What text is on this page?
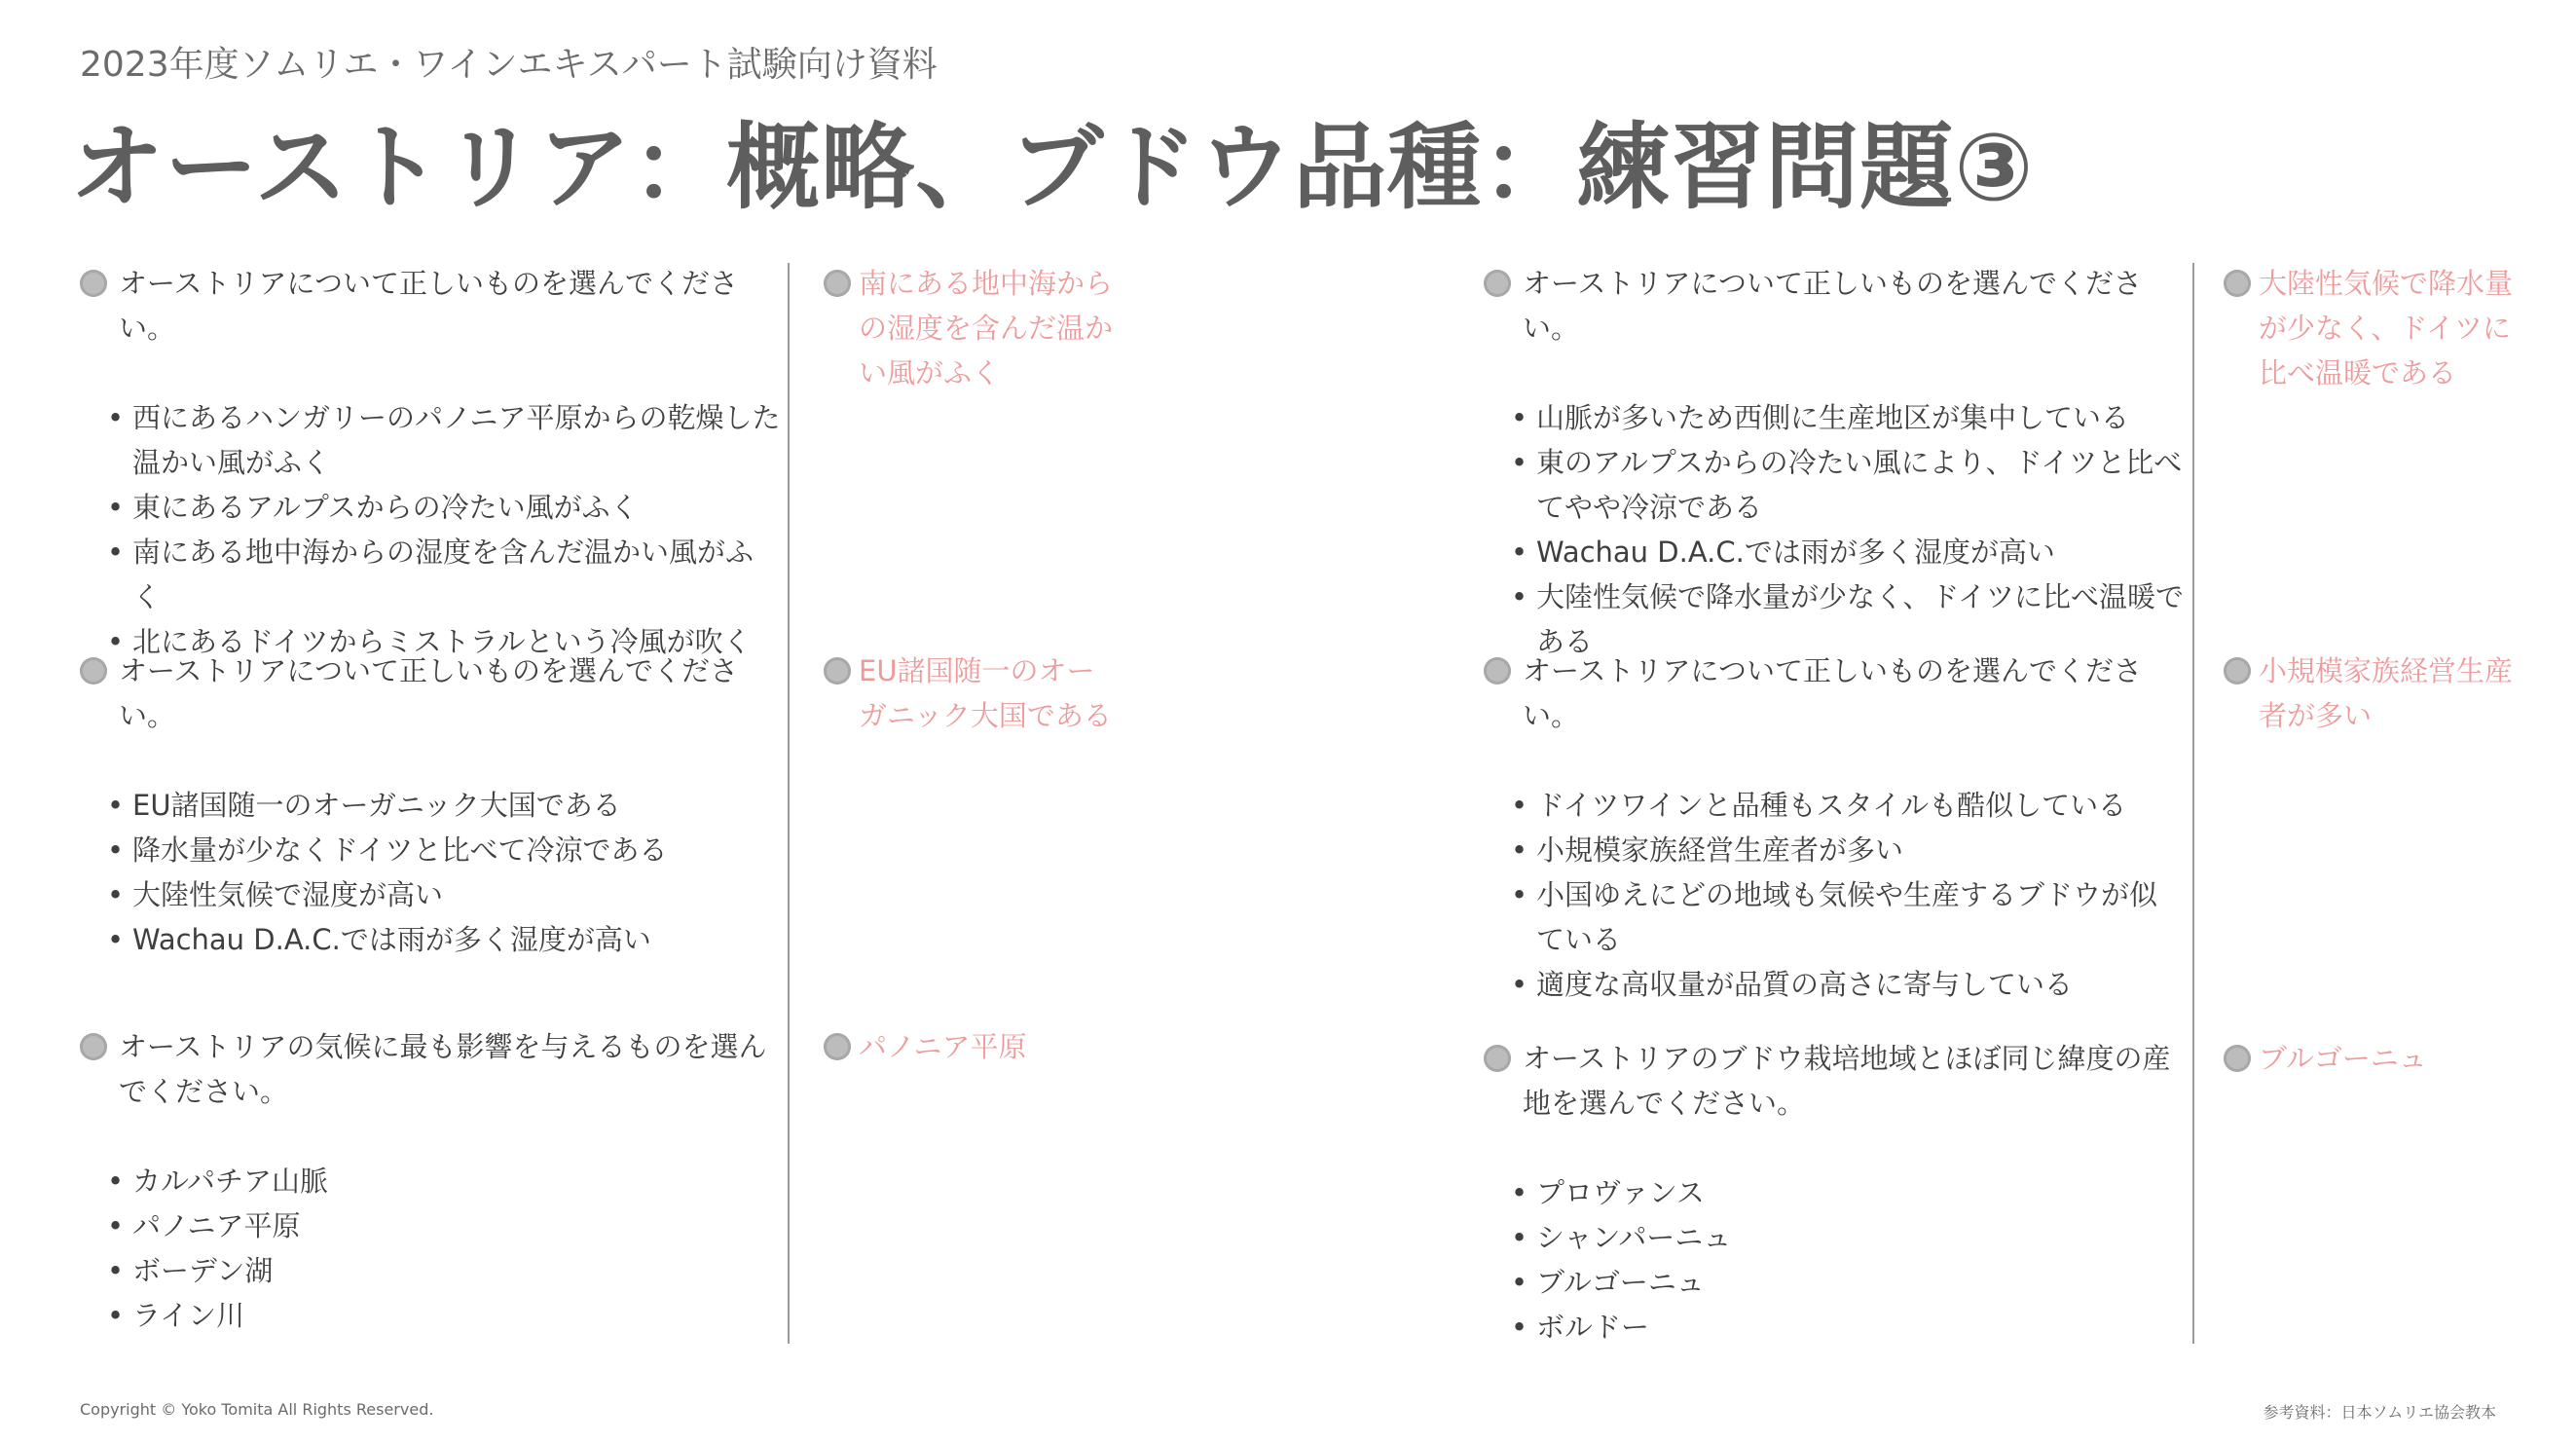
2023年度ソムリエ・ワインエキスパート試験向け資料
オーストリア：概略、ブドウ品種：練習問題③
オーストリアについて正しいものを選んでください。
• 西にあるハンガリーのパノニア平原からの乾燥した温かい風がふく
• 東にあるアルプスからの冷たい風がふく
• 南にある地中海からの湿度を含んだ温かい風がふく
• 北にあるドイツからミストラルという冷風が吹く
南にある地中海からの湿度を含んだ温かい風がふく
オーストリアについて正しいものを選んでください。
• EU諸国随一のオーガニック大国である
• 降水量が少なくドイツと比べて冷涼である
• 大陸性気候で湿度が高い
• Wachau D.A.C.では雨が多く湿度が高い
EU諸国随一のオーガニック大国である
オーストリアの気候に最も影響を与えるものを選んでください。
• カルパチア山脈
• パノニア平原
• ボーデン湖
• ライン川
パノニア平原
オーストリアについて正しいものを選んでください。
• 山脈が多いため西側に生産地区が集中している
• 東のアルプスからの冷たい風により、ドイツと比べてやや冷涼である
• Wachau D.A.C.では雨が多く湿度が高い
• 大陸性気候で降水量が少なく、ドイツに比べ温暖である
大陸性気候で降水量が少なく、ドイツに比べ温暖である
オーストリアについて正しいものを選んでください。
• ドイツワインと品種もスタイルも酷似している
• 小規模家族経営生産者が多い
• 小国ゆえにどの地域も気候や生産するブドウが似ている
• 適度な高収量が品質の高さに寄与している
小規模家族経営生産者が多い
オーストリアのブドウ栽培地域とほぼ同じ緯度の産地を選んでください。
• プロヴァンス
• シャンパーニュ
• ブルゴーニュ
• ボルドー
ブルゴーニュ
Copyright © Yoko Tomita All Rights Reserved.	参考資料：日本ソムリエ協会教本
